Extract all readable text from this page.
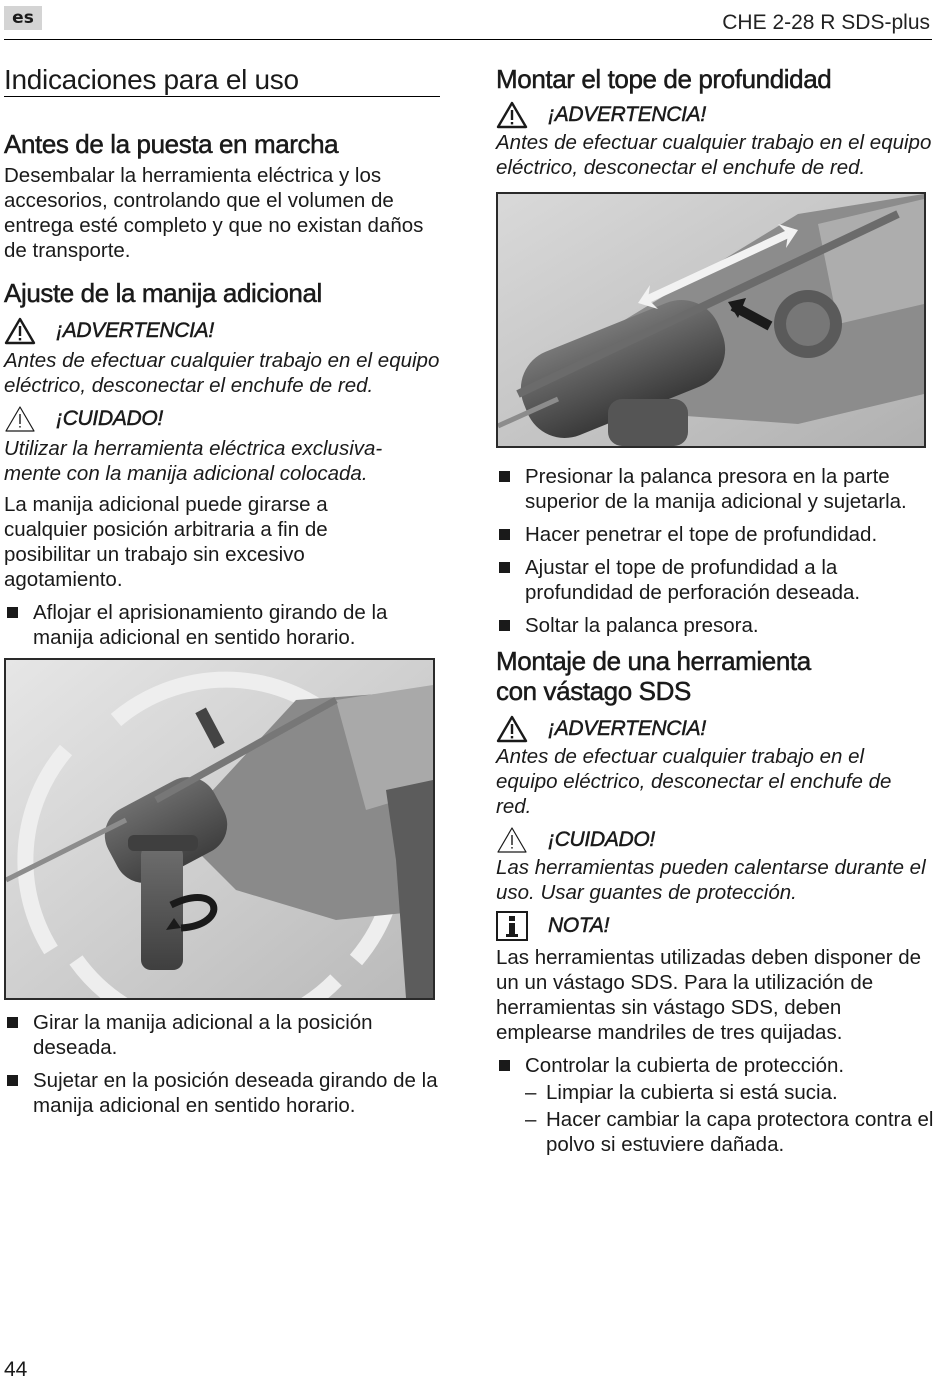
es	CHE 2-28 R SDS-plus
Indicaciones para el uso
Antes de la puesta en marcha

Desembalar la herramienta eléctrica y los accesorios, controlando que el volumen de entrega esté completo y que no existan daños de transporte.

Ajuste de la manija adicional
¡ADVERTENCIA!

Antes de efectuar cualquier trabajo en el equipo eléctrico, desconectar el enchufe de red.

¡CUIDADO!

Utilizar la herramienta eléctrica exclusiva-mente con la manija adicional colocada.

La manija adicional puede girarse a cualquier posición arbitraria a fin de posibilitar un trabajo sin excesivo agotamiento.

Aflojar el aprisionamiento girando de la manija adicional en sentido horario.
Girar la manija adicional a la posición deseada.
Sujetar en la posición deseada girando de la manija adicional en sentido horario.
Montar el tope de profundidad
¡ADVERTENCIA!

Antes de efectuar cualquier trabajo en el equipo eléctrico, desconectar el enchufe de red.

Presionar la palanca presora en la parte superior de la manija adicional y sujetarla.
Hacer penetrar el tope de profundidad.
Ajustar el tope de profundidad a la profundidad de perforación deseada.
Soltar la palanca presora.
Montaje de una herramienta
con vástago SDS
¡ADVERTENCIA!

Antes de efectuar cualquier trabajo en el equipo eléctrico, desconectar el enchufe de red.

¡CUIDADO!

Las herramientas pueden calentarse durante el uso. Usar guantes de protección.

NOTA!

Las herramientas utilizadas deben disponer de un un vástago SDS. Para la utilización de herramientas sin vástago SDS, deben emplearse mandriles de tres quijadas.

Controlar la cubierta de protección.
– Limpiar la cubierta si está sucia.
– Hacer cambiar la capa protectora contra el polvo si estuviere dañada.
44
